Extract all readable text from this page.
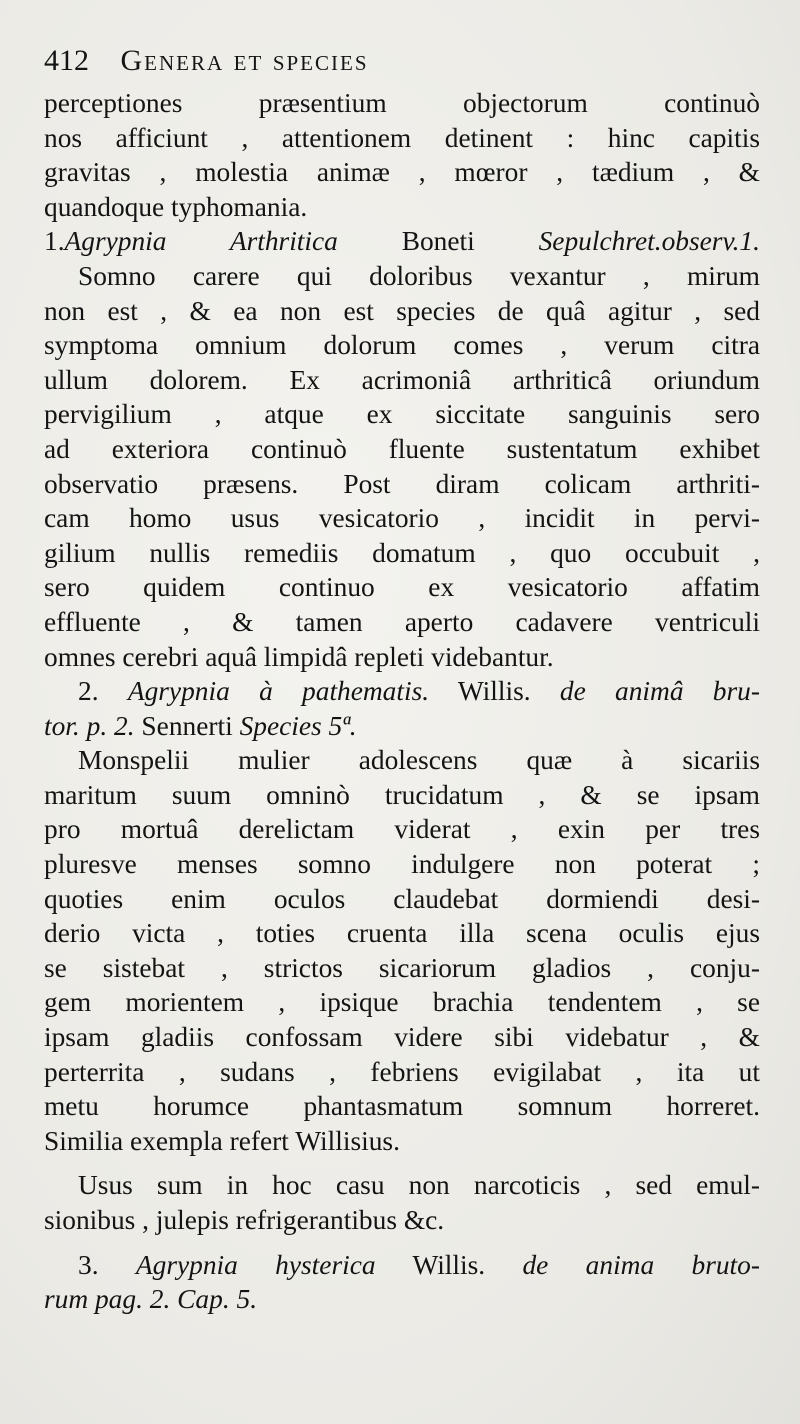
412 Genera et species
perceptiones præsentium objectorum continuò
nos afficiunt , attentionem detinent : hinc capitis
gravitas , molestia animæ , mœror , tædium , &
quandoque typhomania.
1.Agrypnia Arthritica Boneti Sepulchret.observ.1.
Somno carere qui doloribus vexantur , mirum
non est , & ea non est species de quâ agitur , sed
symptoma omnium dolorum comes , verum citra
ullum dolorem. Ex acrimoniâ arthriticâ oriundum
pervigilium , atque ex siccitate sanguinis sero
ad exteriora continuò fluente sustentatum exhibet
observatio præsens. Post diram colicam arthriti-
cam homo usus vesicatorio , incidit in pervi-
gilium nullis remediis domatum , quo occubuit ,
sero quidem continuo ex vesicatorio affatim
effluente , & tamen aperto cadavere ventriculi
omnes cerebri aquâ limpidâ repleti videbantur.
2. Agrypnia à pathematis. Willis. de animâ bru-
tor. p. 2. Sennerti Species 5ª.
Monspelii mulier adolescens quæ à sicariis
maritum suum omninò trucidatum , & se ipsam
pro mortuâ derelictam viderat , exin per tres
pluresve menses somno indulgere non poterat ;
quoties enim oculos claudebat dormiendi desi-
derio victa , toties cruenta illa scena oculis ejus
se sistebat , strictos sicariorum gladios , conju-
gem morientem , ipsique brachia tendentem , se
ipsam gladiis confossam videre sibi videbatur , &
perterrita , sudans , febriens evigilabat , ita ut
metu horumce phantasmatum somnum horreret.
Similia exempla refert Willisius.
Usus sum in hoc casu non narcoticis , sed emul-
sionibus , julepis refrigerantibus &c.
3. Agrypnia hysterica Willis. de anima bruto-
rum pag. 2. Cap. 5.
